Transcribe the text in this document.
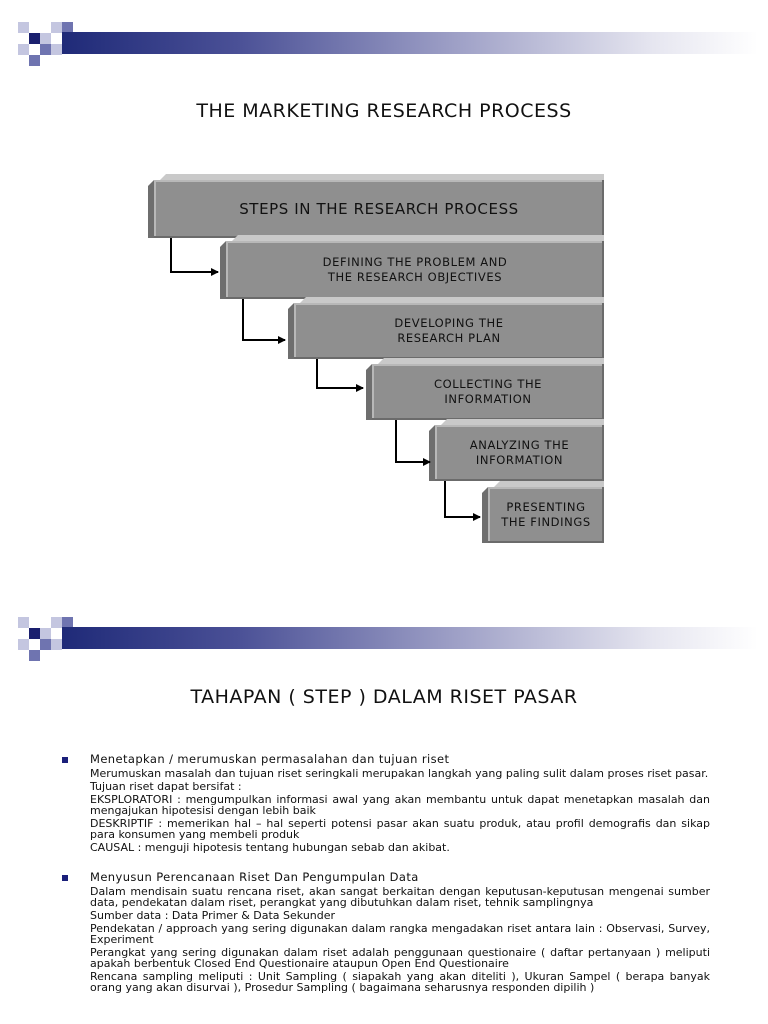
THE MARKETING RESEARCH PROCESS
STEPS IN THE RESEARCH PROCESS
DEFINING THE PROBLEM AND
THE RESEARCH OBJECTIVES
DEVELOPING THE
RESEARCH PLAN
COLLECTING THE
INFORMATION
ANALYZING THE
INFORMATION
PRESENTING
THE FINDINGS
TAHAPAN ( STEP ) DALAM RISET PASAR
Menetapkan / merumuskan permasalahan dan tujuan riset
Merumuskan masalah dan tujuan riset seringkali merupakan langkah yang paling sulit dalam proses riset pasar.
Tujuan riset dapat bersifat :
EKSPLORATORI : mengumpulkan informasi awal yang akan membantu untuk dapat menetapkan masalah dan mengajukan hipotesisi dengan lebih baik
DESKRIPTIF : memerikan hal – hal seperti potensi pasar akan suatu produk, atau profil demografis dan sikap para konsumen yang membeli produk
CAUSAL : menguji hipotesis tentang hubungan sebab dan akibat.
Menyusun Perencanaan Riset Dan Pengumpulan Data
Dalam mendisain suatu rencana riset, akan sangat berkaitan dengan keputusan-keputusan mengenai sumber data, pendekatan dalam riset, perangkat yang dibutuhkan dalam riset, tehnik samplingnya
Sumber data : Data Primer & Data Sekunder
Pendekatan / approach yang sering digunakan dalam rangka mengadakan riset antara lain : Observasi, Survey, Experiment
Perangkat yang sering digunakan dalam riset adalah penggunaan questionaire ( daftar pertanyaan ) meliputi apakah berbentuk Closed End Questionaire ataupun Open End Questionaire
Rencana sampling meliputi : Unit Sampling ( siapakah yang akan diteliti ), Ukuran Sampel ( berapa banyak orang yang akan disurvai ), Prosedur Sampling ( bagaimana seharusnya responden dipilih )
